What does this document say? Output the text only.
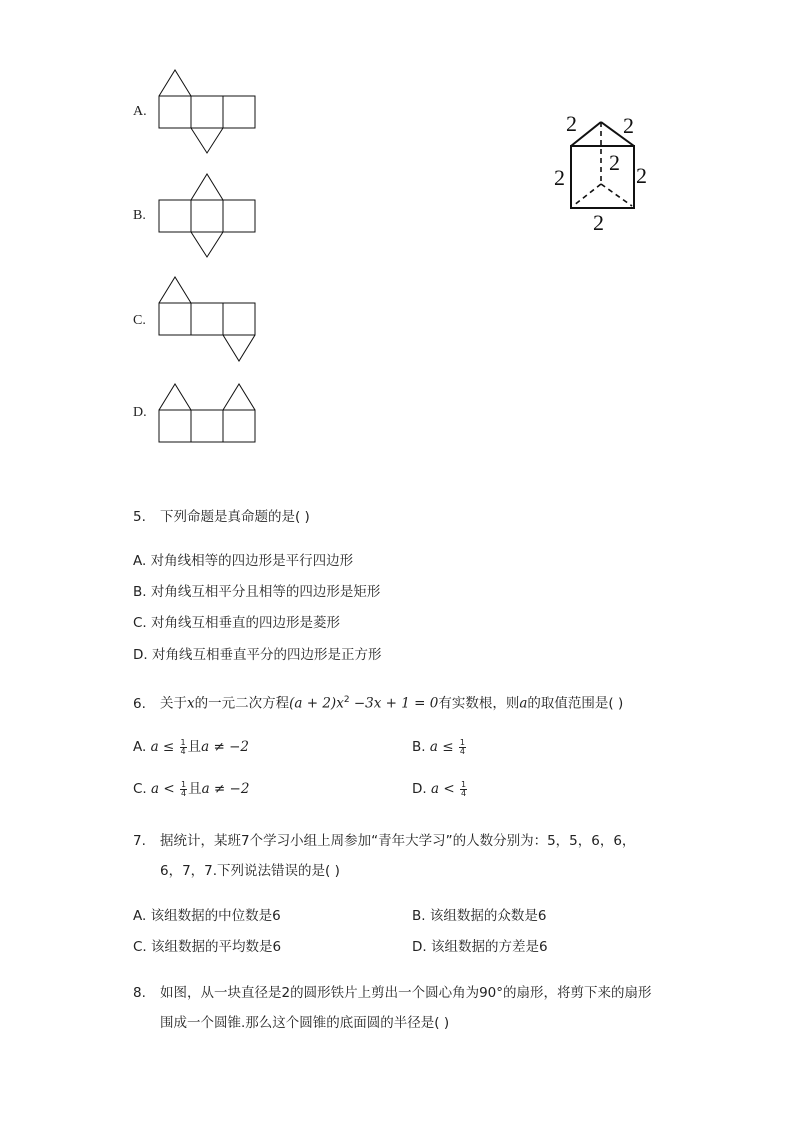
A.
B.
C.
D.
2 2
2
2	2
2
5. 下列命题是真命题的是( )
A. 对角线相等的四边形是平行四边形
B. 对角线互相平分且相等的四边形是矩形
C. 对角线互相垂直的四边形是菱形
D. 对角线互相垂直平分的四边形是正方形
6. 关于x的一元二次方程$(a + 2)x^2 -3x + 1 = 0$有实数根，则a的取值范围是( )
A. $a \le \frac{1}{4}$ 且a ≠ −2	B. $a \le \frac{1}{4}$
C. $a < \frac{1}{4}$ 且a ≠ −2	D. $a < \frac{1}{4}$
7. 据统计，某班7个学习小组上周参加“青年大学习”的人数分别为：5，5，6，6，
6，7，7.下列说法错误的是( )
A. 该组数据的中位数是6	B. 该组数据的众数是6
C. 该组数据的平均数是6	D. 该组数据的方差是6
8. 如图，从一块直径是2的圆形铁片上剪出一个圆心角为90°的扇形，将剪下来的扇形
围成一个圆锥.那么这个圆锥的底面圆的半径是( )
